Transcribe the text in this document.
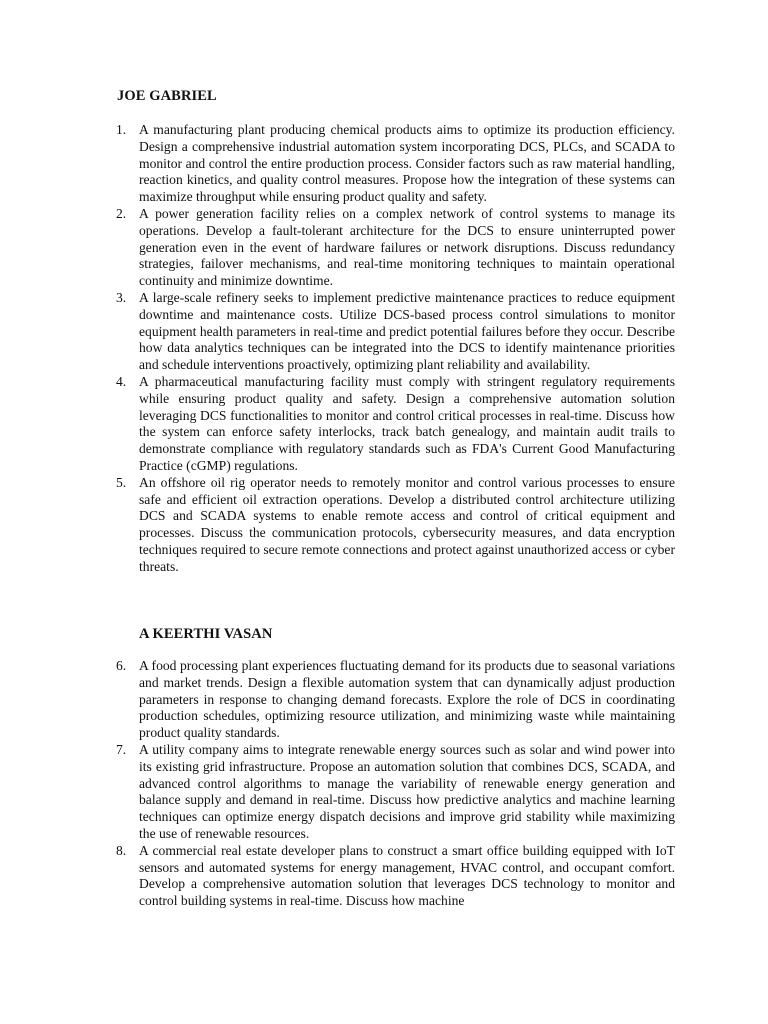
JOE GABRIEL
1. A manufacturing plant producing chemical products aims to optimize its production efficiency. Design a comprehensive industrial automation system incorporating DCS, PLCs, and SCADA to monitor and control the entire production process. Consider factors such as raw material handling, reaction kinetics, and quality control measures. Propose how the integration of these systems can maximize throughput while ensuring product quality and safety.
2. A power generation facility relies on a complex network of control systems to manage its operations. Develop a fault-tolerant architecture for the DCS to ensure uninterrupted power generation even in the event of hardware failures or network disruptions. Discuss redundancy strategies, failover mechanisms, and real-time monitoring techniques to maintain operational continuity and minimize downtime.
3. A large-scale refinery seeks to implement predictive maintenance practices to reduce equipment downtime and maintenance costs. Utilize DCS-based process control simulations to monitor equipment health parameters in real-time and predict potential failures before they occur. Describe how data analytics techniques can be integrated into the DCS to identify maintenance priorities and schedule interventions proactively, optimizing plant reliability and availability.
4. A pharmaceutical manufacturing facility must comply with stringent regulatory requirements while ensuring product quality and safety. Design a comprehensive automation solution leveraging DCS functionalities to monitor and control critical processes in real-time. Discuss how the system can enforce safety interlocks, track batch genealogy, and maintain audit trails to demonstrate compliance with regulatory standards such as FDA's Current Good Manufacturing Practice (cGMP) regulations.
5. An offshore oil rig operator needs to remotely monitor and control various processes to ensure safe and efficient oil extraction operations. Develop a distributed control architecture utilizing DCS and SCADA systems to enable remote access and control of critical equipment and processes. Discuss the communication protocols, cybersecurity measures, and data encryption techniques required to secure remote connections and protect against unauthorized access or cyber threats.
A KEERTHI VASAN
6. A food processing plant experiences fluctuating demand for its products due to seasonal variations and market trends. Design a flexible automation system that can dynamically adjust production parameters in response to changing demand forecasts. Explore the role of DCS in coordinating production schedules, optimizing resource utilization, and minimizing waste while maintaining product quality standards.
7. A utility company aims to integrate renewable energy sources such as solar and wind power into its existing grid infrastructure. Propose an automation solution that combines DCS, SCADA, and advanced control algorithms to manage the variability of renewable energy generation and balance supply and demand in real-time. Discuss how predictive analytics and machine learning techniques can optimize energy dispatch decisions and improve grid stability while maximizing the use of renewable resources.
8. A commercial real estate developer plans to construct a smart office building equipped with IoT sensors and automated systems for energy management, HVAC control, and occupant comfort. Develop a comprehensive automation solution that leverages DCS technology to monitor and control building systems in real-time. Discuss how machine
